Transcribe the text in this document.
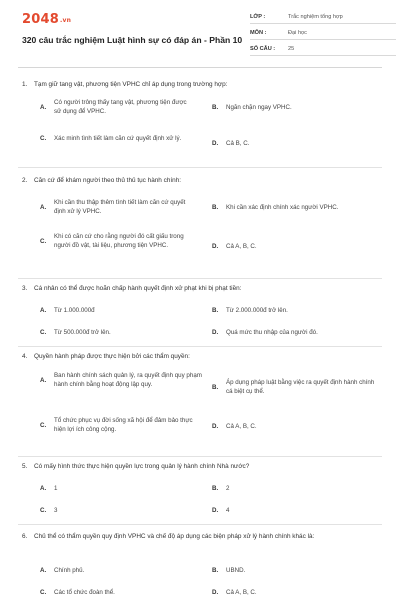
2048.vn
320 câu trắc nghiệm Luật hình sự có đáp án - Phần 10
LỚP :	Trắc nghiệm tổng hợp
MÔN :	Đại học
SỐ CÂU :	25
1.	Tạm giữ tang vật, phương tiện VPHC chỉ áp dụng trong trường hợp:
A.
Có người trông thấy tang vật, phương tiện được sử dụng để VPHC.
B.	Ngăn chặn ngay VPHC.
C.	Xác minh tình tiết làm căn cứ quyết định xử lý.
D.	Cả B, C.
2.	Căn cứ để khám người theo thủ thủ tục hành chính:
A.
Khi cần thu thập thêm tình tiết làm căn cứ quyết định xử lý VPHC.
B.	Khi cần xác định chính xác người VPHC.
C.
Khi có căn cứ cho rằng người đó cất giấu trong người đồ vật, tài liệu, phương tiện VPHC.	D.	Cả A, B, C.
3.	Cá nhân có thể được hoãn chấp hành quyết định xử phạt khi bị phạt tiền:
A.	Từ 1.000.000đ	B.	Từ 2.000.000đ trở lên.
C.	Từ 500.000đ trở lên.	D.	Quá mức thu nhập của người đó.
4.	Quyền hành pháp được thực hiện bởi các thẩm quyền:
A.
Ban hành chính sách quản lý, ra quyết định quy phạm hành chính bằng hoạt động lập quy.	B.
Áp dụng pháp luật bằng việc ra quyết định hành chính cá biệt cụ thể.
C.
Tổ chức phục vụ đời sống xã hội để đảm bảo thực hiện lợi ích công cộng.	D.	Cả A, B, C.
5.	Có mấy hình thức thực hiện quyền lực trong quản lý hành chính Nhà nước?
A.	1	B.	2
C.	3	D.	4
6.	Chủ thể có thẩm quyền quy định VPHC và chế độ áp dụng các biện pháp xử lý hành chính khác là:
A.	Chính phủ.	B.	UBND.
C.	Các tổ chức đoàn thể.	D.	Cả A, B, C.
